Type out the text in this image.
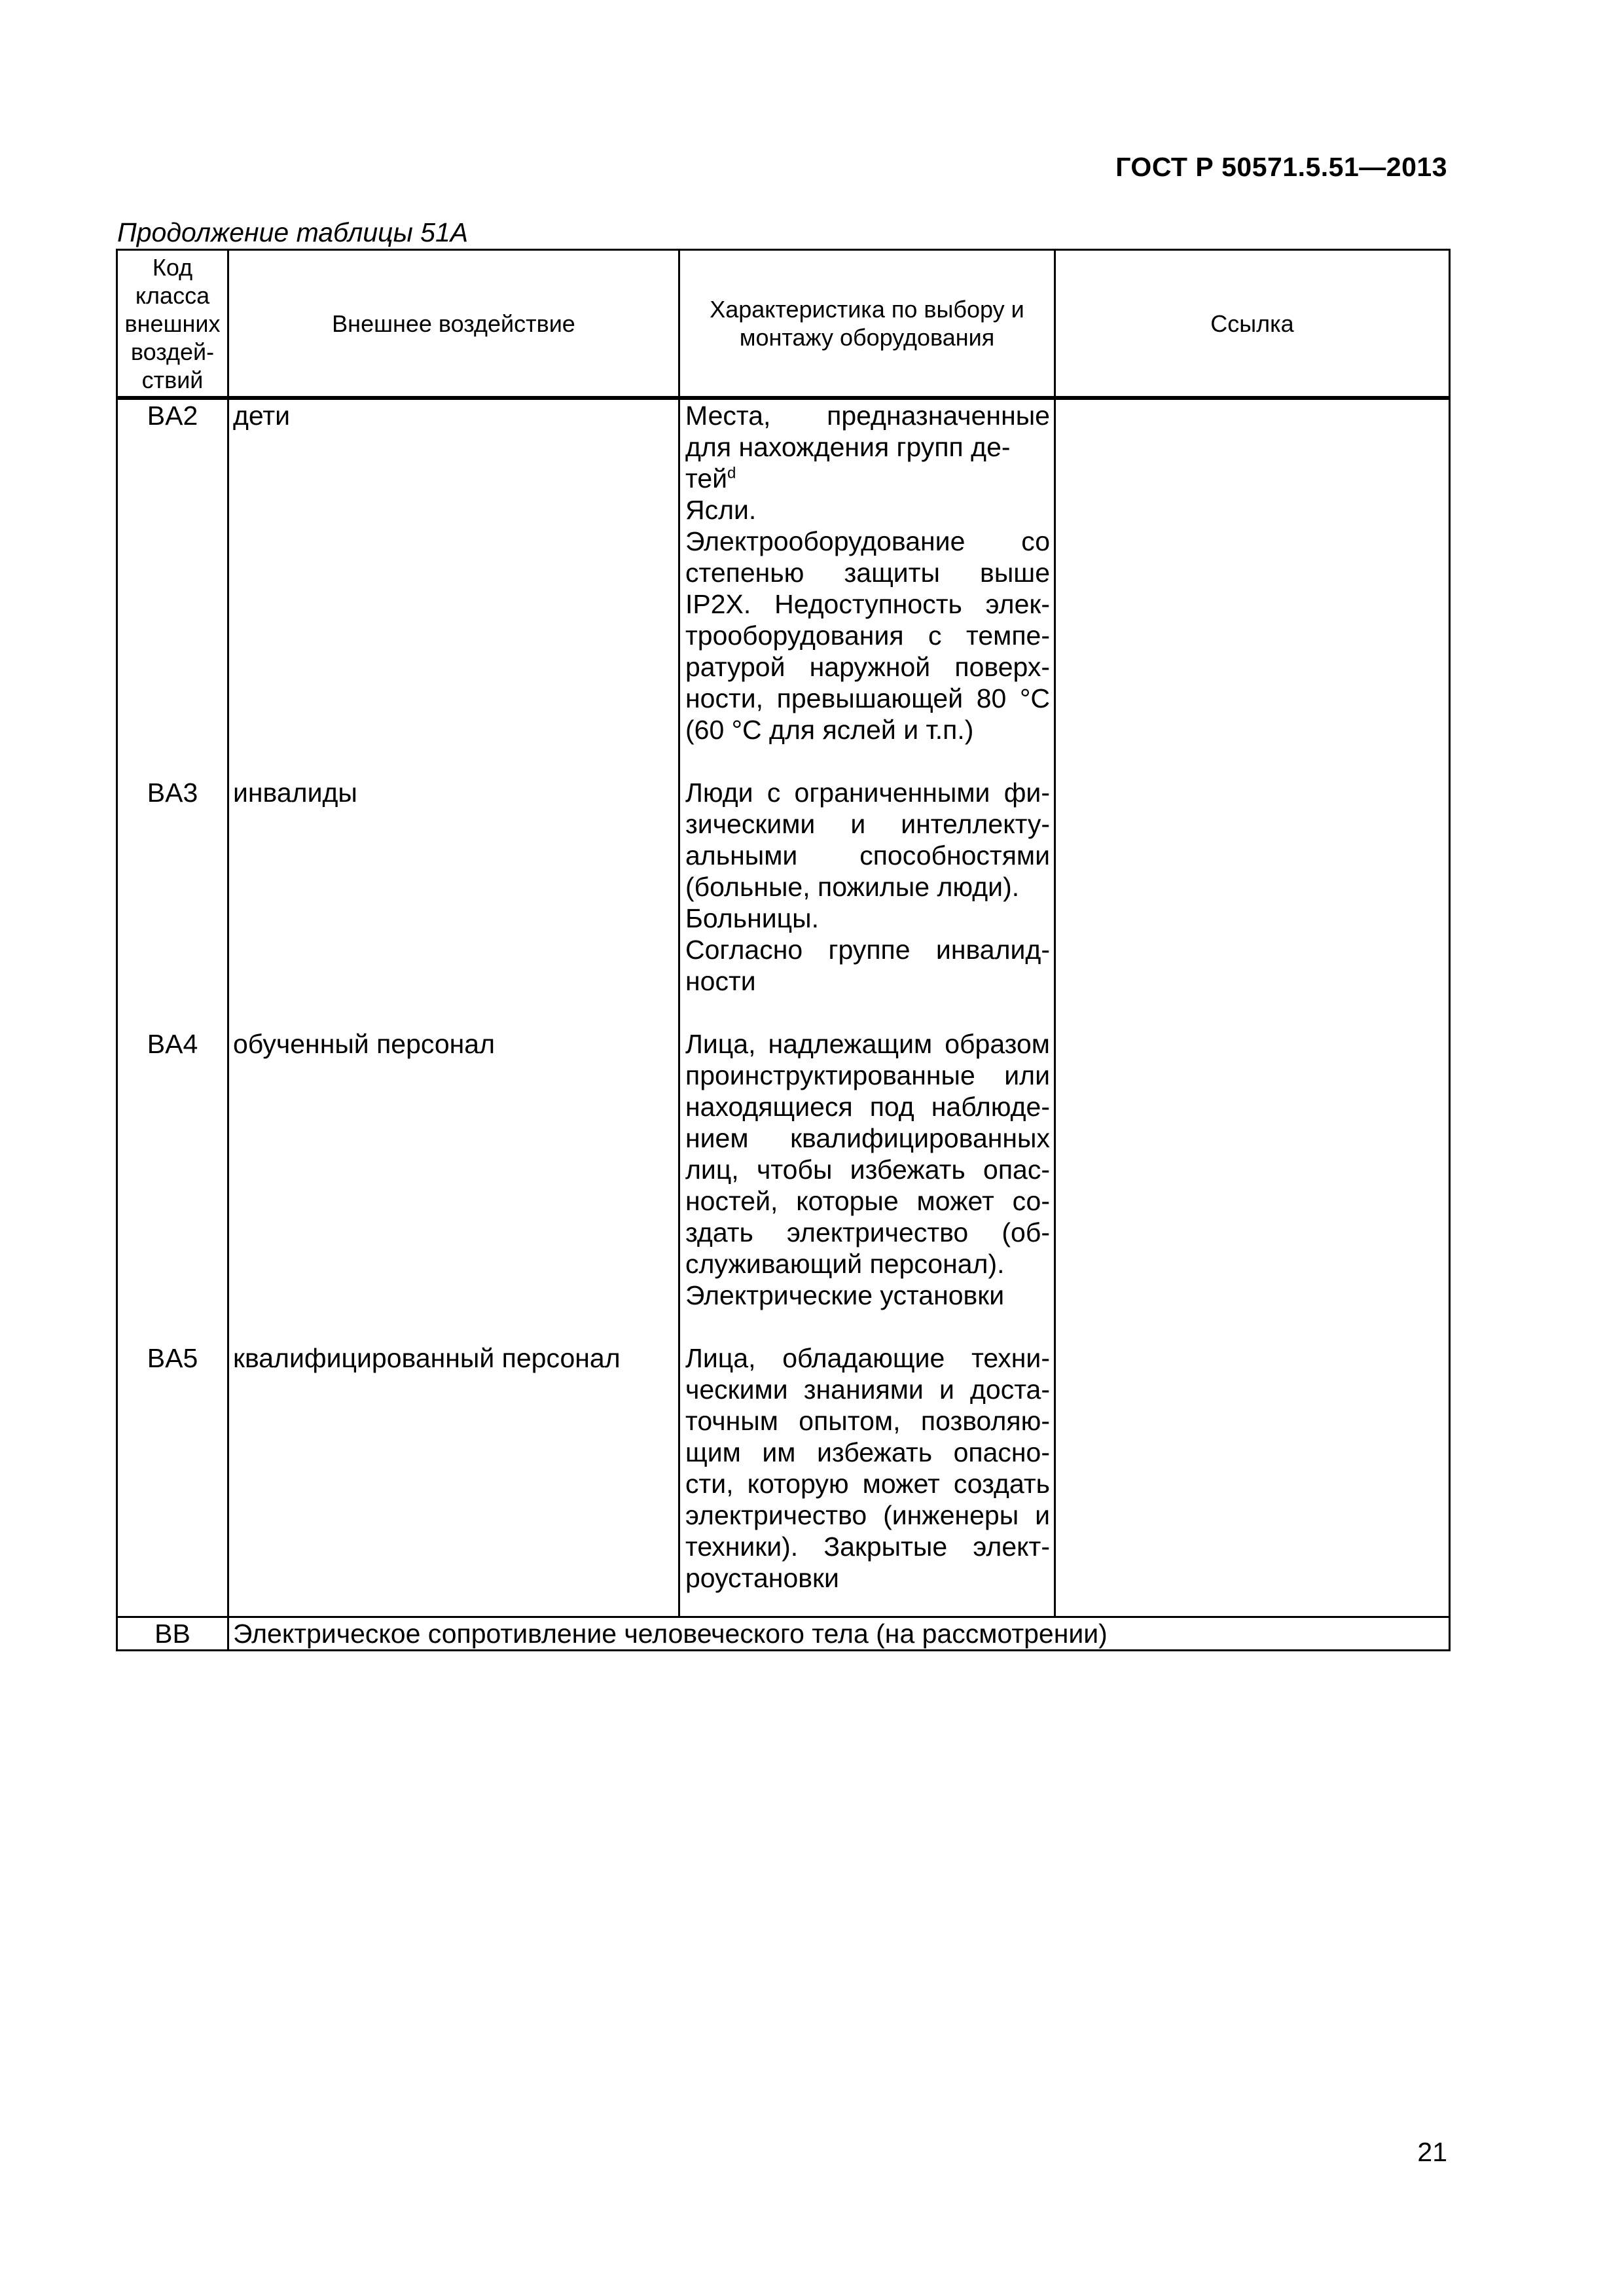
ГОСТ Р 50571.5.51—2013
Продолжение таблицы 51А
Код класса внешних воздей-ствий	Внешнее воздействие	Характеристика по выбору и монтажу оборудования	Ссылка
BA2	дети	Места, предназначенные для нахождения групп де-
тей$^d$
Ясли.
Электрооборудование со степенью защиты выше IP2X. Недоступность элек-трооборудования с темпе-ратурой наружной поверх-ности, превышающей 80 °С (60 °С для яслей и т.п.)	

BA3	инвалиды	Люди с ограниченными фи-зическими и интеллекту-альными способностями (больные, пожилые люди).
Больницы.
Согласно группе инвалид-ности	

BA4	обученный персонал	Лица, надлежащим образом проинструктированные или находящиеся под наблюде-нием квалифицированных лиц, чтобы избежать опас-ностей, которые может со-здать электричество (об-служивающий персонал).
Электрические установки	

BA5	квалифицированный персонал	Лица, обладающие техни-ческими знаниями и доста-точным опытом, позволяю-щим им избежать опасно-сти, которую может создать электричество (инженеры и техники). Закрытые элект-роустановки	

BB	Электрическое сопротивление человеческого тела (на рассмотрении)		
21
